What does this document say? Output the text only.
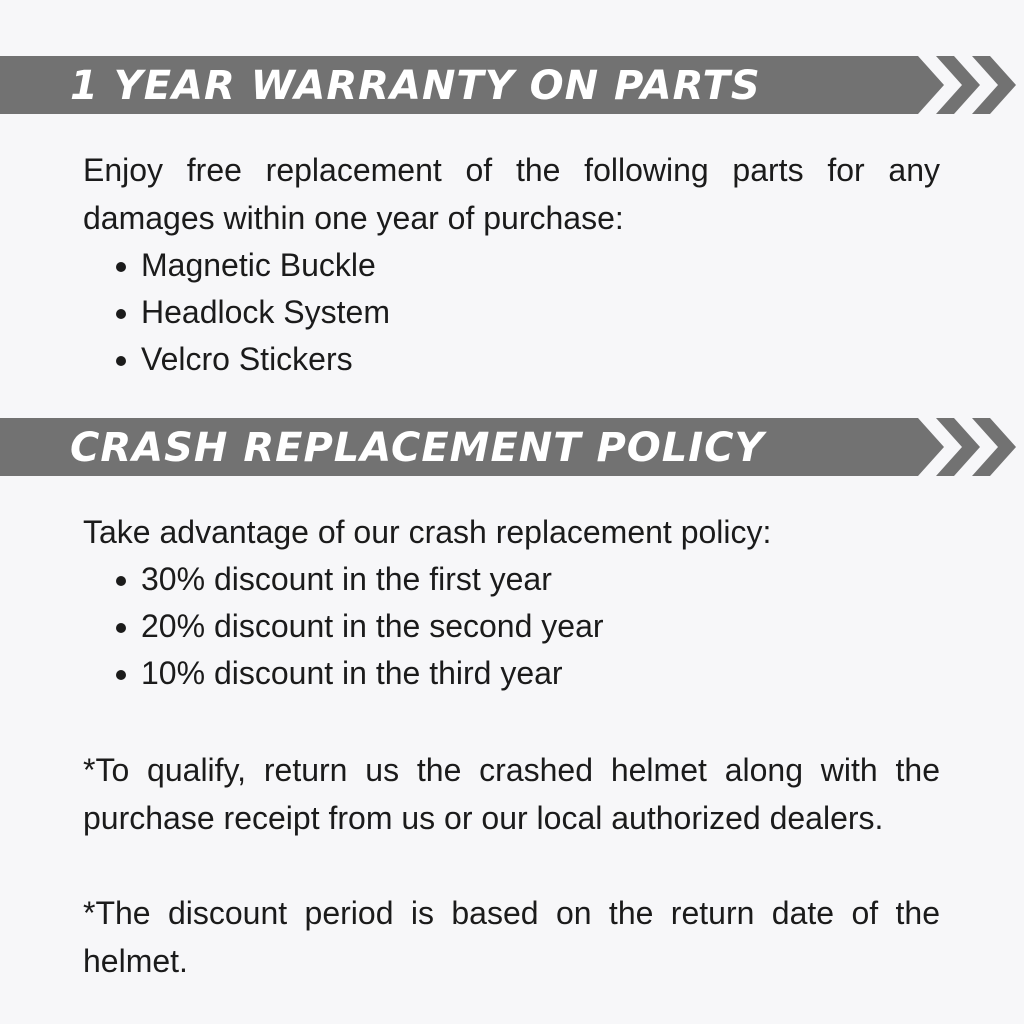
1 YEAR WARRANTY ON PARTS

Enjoy free replacement of the following parts for any damages within one year of purchase:

Magnetic Buckle
Headlock System
Velcro Stickers
CRASH REPLACEMENT POLICY

Take advantage of our crash replacement policy:

30% discount in the first year
20% discount in the second year
10% discount in the third year

*To qualify, return us the crashed helmet along with the purchase receipt from us or our local authorized dealers.

*The discount period is based on the return date of the helmet.
